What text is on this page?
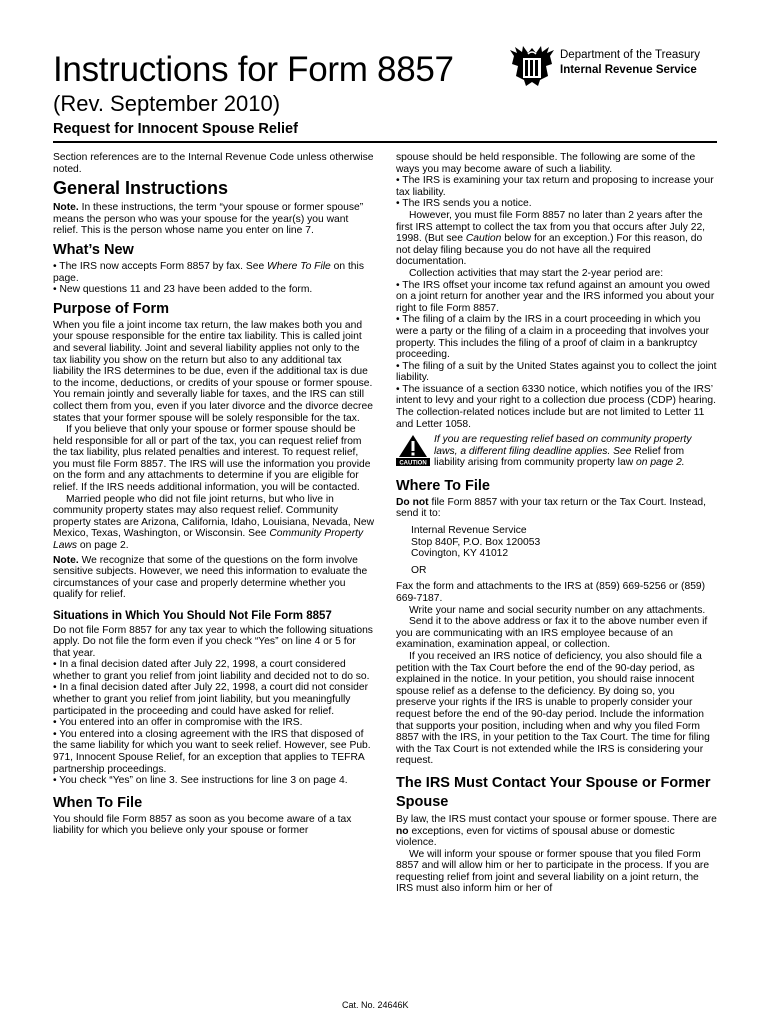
Instructions for Form 8857
(Rev. September 2010)
Request for Innocent Spouse Relief
Department of the Treasury
Internal Revenue Service

Section references are to the Internal Revenue Code unless otherwise noted.

General Instructions

Note. In these instructions, the term “your spouse or former spouse” means the person who was your spouse for the year(s) you want relief. This is the person whose name you enter on line 7.

What’s New

• The IRS now accepts Form 8857 by fax. See Where To File on this page.

• New questions 11 and 23 have been added to the form.

Purpose of Form

When you file a joint income tax return, the law makes both you and your spouse responsible for the entire tax liability. This is called joint and several liability. Joint and several liability applies not only to the tax liability you show on the return but also to any additional tax liability the IRS determines to be due, even if the additional tax is due to the income, deductions, or credits of your spouse or former spouse. You remain jointly and severally liable for taxes, and the IRS can still collect them from you, even if you later divorce and the divorce decree states that your former spouse will be solely responsible for the tax.

If you believe that only your spouse or former spouse should be held responsible for all or part of the tax, you can request relief from the tax liability, plus related penalties and interest. To request relief, you must file Form 8857. The IRS will use the information you provide on the form and any attachments to determine if you are eligible for relief. If the IRS needs additional information, you will be contacted.

Married people who did not file joint returns, but who live in community property states may also request relief. Community property states are Arizona, California, Idaho, Louisiana, Nevada, New Mexico, Texas, Washington, or Wisconsin. See Community Property Laws on page 2.

Note. We recognize that some of the questions on the form involve sensitive subjects. However, we need this information to evaluate the circumstances of your case and properly determine whether you qualify for relief.

Situations in Which You Should Not File Form 8857

Do not file Form 8857 for any tax year to which the following situations apply. Do not file the form even if you check “Yes” on line 4 or 5 for that year.

• In a final decision dated after July 22, 1998, a court considered whether to grant you relief from joint liability and decided not to do so.

• In a final decision dated after July 22, 1998, a court did not consider whether to grant you relief from joint liability, but you meaningfully participated in the proceeding and could have asked for relief.

• You entered into an offer in compromise with the IRS.

• You entered into a closing agreement with the IRS that disposed of the same liability for which you want to seek relief. However, see Pub. 971, Innocent Spouse Relief, for an exception that applies to TEFRA partnership proceedings.

• You check “Yes” on line 3. See instructions for line 3 on page 4.

When To File

You should file Form 8857 as soon as you become aware of a tax liability for which you believe only your spouse or former

spouse should be held responsible. The following are some of the ways you may become aware of such a liability.

• The IRS is examining your tax return and proposing to increase your tax liability.

• The IRS sends you a notice.

However, you must file Form 8857 no later than 2 years after the first IRS attempt to collect the tax from you that occurs after July 22, 1998. (But see Caution below for an exception.) For this reason, do not delay filing because you do not have all the required documentation.

Collection activities that may start the 2-year period are:

• The IRS offset your income tax refund against an amount you owed on a joint return for another year and the IRS informed you about your right to file Form 8857.

• The filing of a claim by the IRS in a court proceeding in which you were a party or the filing of a claim in a proceeding that involves your property. This includes the filing of a proof of claim in a bankruptcy proceeding.

• The filing of a suit by the United States against you to collect the joint liability.

• The issuance of a section 6330 notice, which notifies you of the IRS’ intent to levy and your right to a collection due process (CDP) hearing. The collection-related notices include but are not limited to Letter 11 and Letter 1058.

CAUTION

If you are requesting relief based on community property laws, a different filing deadline applies. See Relief from liability arising from community property law on page 2.

Where To File

Do not file Form 8857 with your tax return or the Tax Court. Instead, send it to:

Internal Revenue Service

Stop 840F, P.O. Box 120053

Covington, KY 41012

OR

Fax the form and attachments to the IRS at (859) 669-5256 or (859) 669-7187.

Write your name and social security number on any attachments.

Send it to the above address or fax it to the above number even if you are communicating with an IRS employee because of an examination, examination appeal, or collection.

If you received an IRS notice of deficiency, you also should file a petition with the Tax Court before the end of the 90-day period, as explained in the notice. In your petition, you should raise innocent spouse relief as a defense to the deficiency. By doing so, you preserve your rights if the IRS is unable to properly consider your request before the end of the 90-day period. Include the information that supports your position, including when and why you filed Form 8857 with the IRS, in your petition to the Tax Court. The time for filing with the Tax Court is not extended while the IRS is considering your request.

The IRS Must Contact Your Spouse or Former Spouse

By law, the IRS must contact your spouse or former spouse. There are no exceptions, even for victims of spousal abuse or domestic violence.

We will inform your spouse or former spouse that you filed Form 8857 and will allow him or her to participate in the process. If you are requesting relief from joint and several liability on a joint return, the IRS must also inform him or her of

Cat. No. 24646K
